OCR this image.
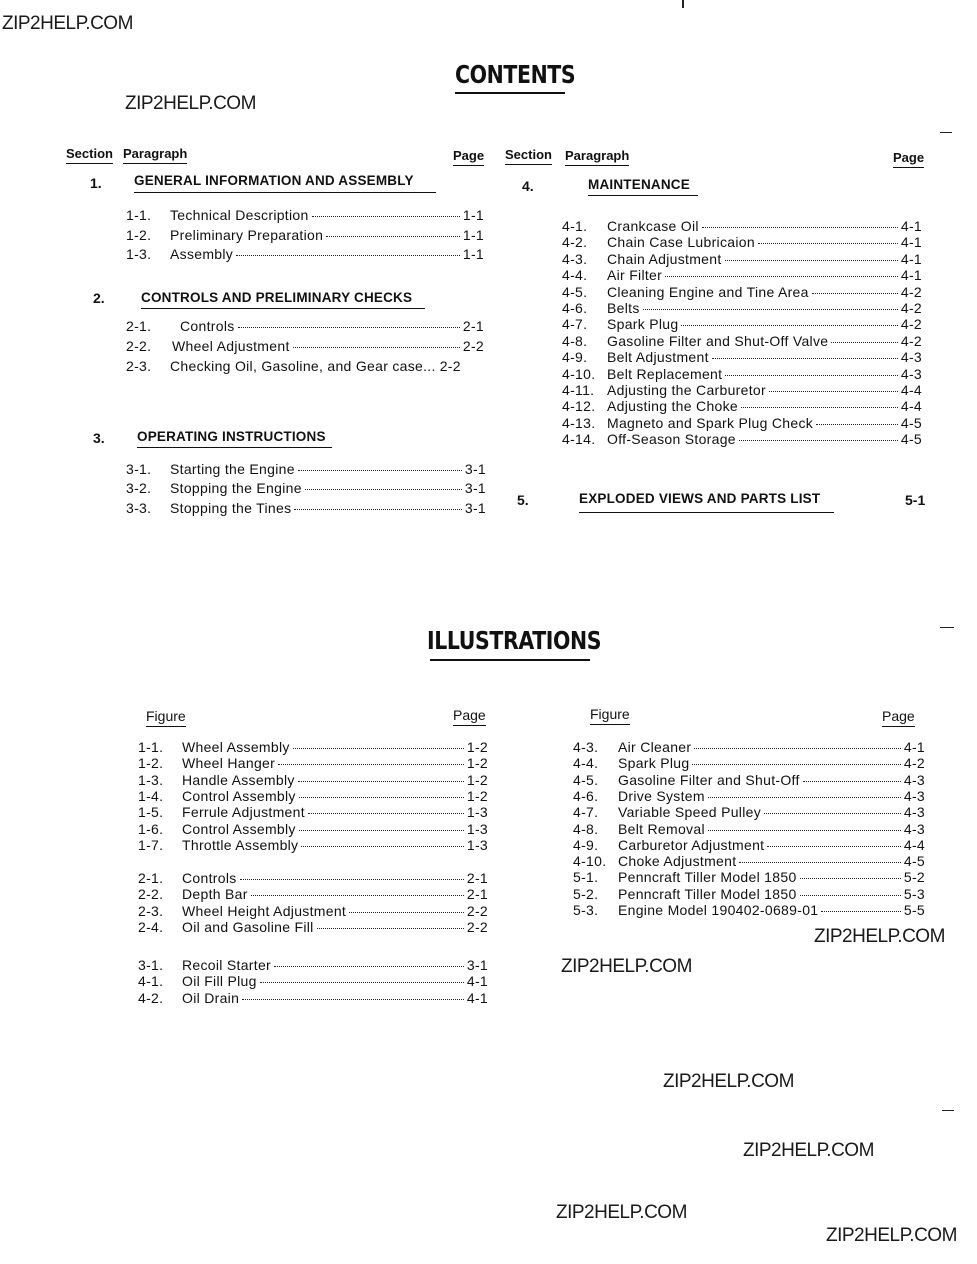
ZIP2HELP.COM
ZIP2HELP.COM
ZIP2HELP.COM
ZIP2HELP.COM
ZIP2HELP.COM
ZIP2HELP.COM
ZIP2HELP.COM
ZIP2HELP.COM
CONTENTS
Section Paragraph	Page Section Paragraph	Page
1. GENERAL INFORMATION AND ASSEMBLY
1-1.	Technical Description	1-1
1-2.	Preliminary Preparation	1-1
1-3.	Assembly	1-1
2.	CONTROLS AND PRELIMINARY CHECKS
2-1.	Controls	2-1
2-2.	Wheel Adjustment	2-2
2-3.	Checking Oil, Gasoline, and Gear case... 2-2
3. OPERATING INSTRUCTIONS
3-1.	Starting the Engine	3-1
3-2.	Stopping the Engine	3-1
3-3.	Stopping the Tines	3-1
4.	MAINTENANCE
4-1.	Crankcase Oil	4-1
4-2.	Chain Case Lubricaion	4-1
4-3.	Chain Adjustment	4-1
4-4.	Air Filter	4-1
4-5.	Cleaning Engine and Tine Area	4-2
4-6.	Belts	4-2
4-7.	Spark Plug	4-2
4-8.	Gasoline Filter and Shut-Off Valve	4-2
4-9.	Belt Adjustment	4-3
4-10. Belt Replacement	4-3
4-11. Adjusting the Carburetor	4-4
4-12. Adjusting the Choke	4-4
4-13. Magneto and Spark Plug Check	4-5
4-14. Off-Season Storage	4-5
5.	EXPLODED VIEWS AND PARTS LIST	5-1
ILLUSTRATIONS
Figure	Page	Figure	Page
1-1.	Wheel Assembly	1-2
1-2.	Wheel Hanger	1-2
1-3.	Handle Assembly	1-2
1-4.	Control Assembly	1-2
1-5.	Ferrule Adjustment	1-3
1-6.	Control Assembly	1-3
1-7.	Throttle Assembly	1-3
2-1.	Controls	2-1
2-2.	Depth Bar	2-1
2-3.	Wheel Height Adjustment	2-2
2-4.	Oil and Gasoline Fill	2-2
3-1.	Recoil Starter	3-1
4-1.	Oil Fill Plug	4-1
4-2.	Oil Drain	4-1
4-3.	Air Cleaner	4-1
4-4.	Spark Plug	4-2
4-5.	Gasoline Filter and Shut-Off	4-3
4-6.	Drive System	4-3
4-7.	Variable Speed Pulley	4-3
4-8.	Belt Removal	4-3
4-9.	Carburetor Adjustment	4-4
4-10. Choke Adjustment	4-5
5-1.	Penncraft Tiller Model 1850	5-2
5-2.	Penncraft Tiller Model 1850	5-3
5-3.	Engine Model 190402-0689-01	5-5
